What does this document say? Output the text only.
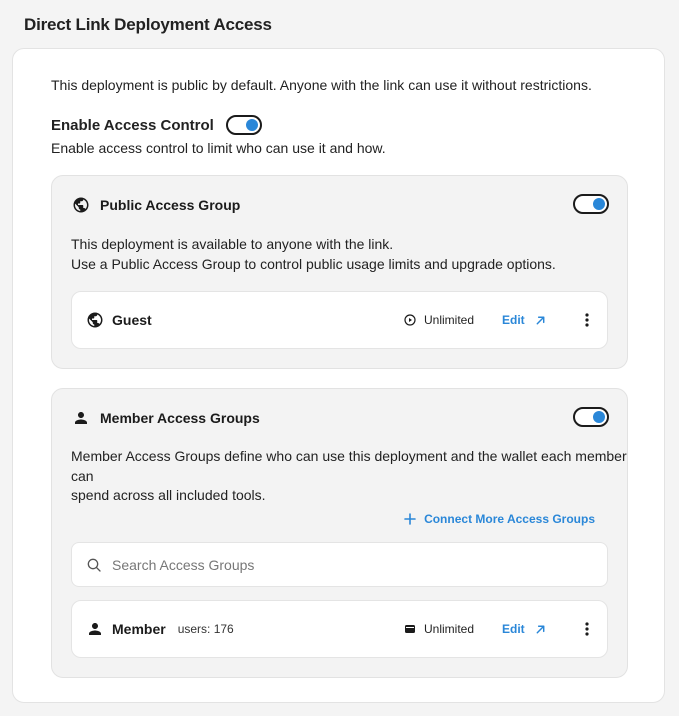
Direct Link Deployment Access
This deployment is public by default. Anyone with the link can use it without restrictions.
Enable Access Control
Enable access control to limit who can use it and how.
Public Access Group
This deployment is available to anyone with the link.
Use a Public Access Group to control public usage limits and upgrade options.
Guest	Unlimited Edit
Member Access Groups
Member Access Groups define who can use this deployment and the wallet each member can
spend across all included tools.
Connect More Access Groups
Search Access Groups
Member users: 176	Unlimited Edit
